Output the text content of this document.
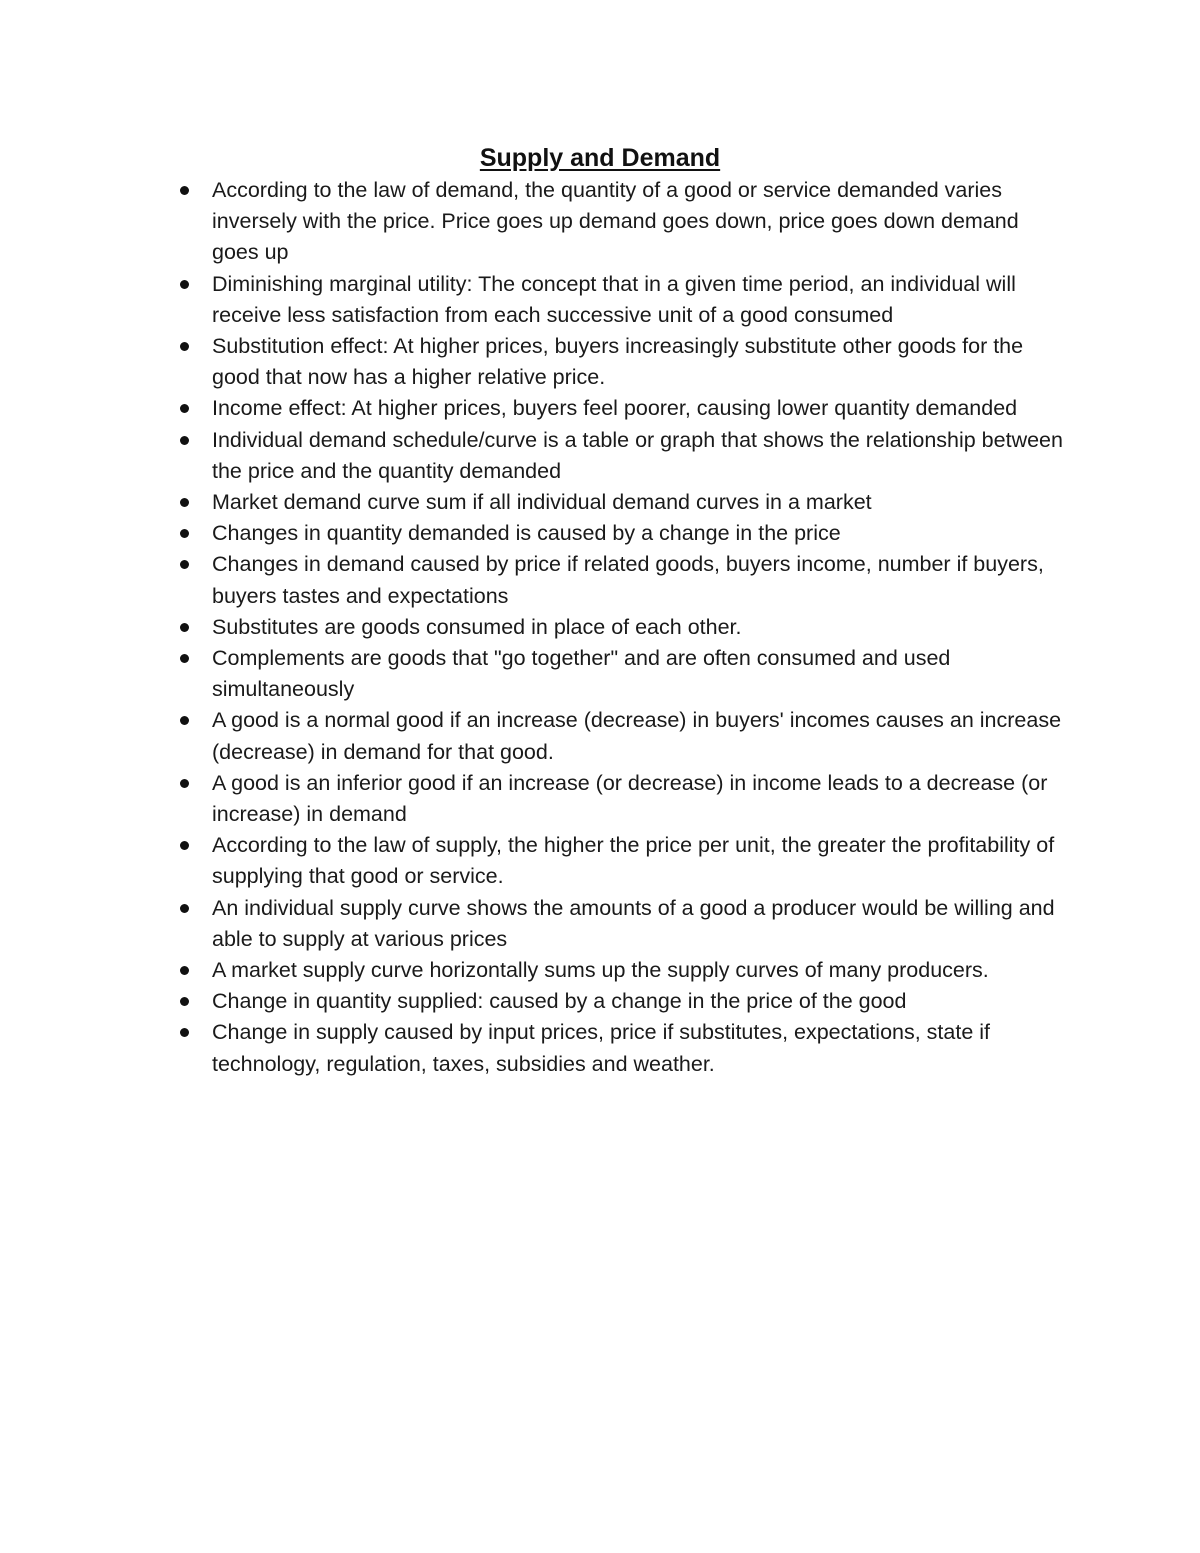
Supply and Demand
According to the law of demand, the quantity of a good or service demanded varies inversely with the price. Price goes up demand goes down, price goes down demand goes up
Diminishing marginal utility: The concept that in a given time period, an individual will receive less satisfaction from each successive unit of a good consumed
Substitution effect: At higher prices, buyers increasingly substitute other goods for the good that now has a higher relative price.
Income effect: At higher prices, buyers feel poorer, causing lower quantity demanded
Individual demand schedule/curve is a table or graph that shows the relationship between the price and the quantity demanded
Market demand curve sum if all individual demand curves in a market
Changes in quantity demanded is caused by a change in the price
Changes in demand caused by price if related goods, buyers income, number if buyers, buyers tastes and expectations
Substitutes are goods consumed in place of each other.
Complements are goods that "go together" and are often consumed and used simultaneously
A good is a normal good if an increase (decrease) in buyers' incomes causes an increase (decrease) in demand for that good.
A good is an inferior good if an increase (or decrease) in income leads to a decrease (or increase) in demand
According to the law of supply, the higher the price per unit, the greater the profitability of supplying that good or service.
An individual supply curve shows the amounts of a good a producer would be willing and able to supply at various prices
A market supply curve horizontally sums up the supply curves of many producers.
Change in quantity supplied: caused by a change in the price of the good
Change in supply caused by input prices, price if substitutes, expectations, state if technology, regulation, taxes, subsidies and weather.
